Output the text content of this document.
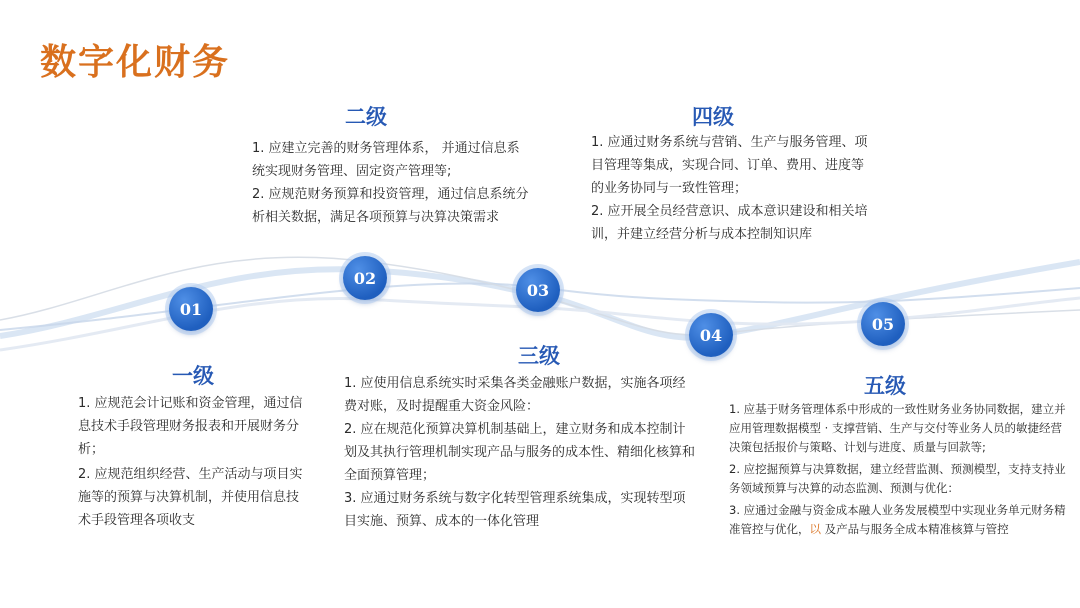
数字化财务
01
02
03
04
05
一级

1. 应规范会计记账和资金管理，通过信息技术手段管理财务报表和开展财务分析；

2. 应规范组织经营、生产活动与项目实施等的预算与决算机制，并使用信息技术手段管理各项收支

二级

1. 应建立完善的财务管理体系， 并通过信息系统实现财务管理、固定资产管理等;

2. 应规范财务预算和投资管理，通过信息系统分析相关数据，满足各项预算与决算决策需求

三级

1. 应使用信息系统实时采集各类金融账户数据，实施各项经费对账，及时提醒重大资金风险：

2. 应在规范化预算决算机制基础上，建立财务和成本控制计划及其执行管理机制实现产品与服务的成本性、精细化核算和全面预算管理；

3. 应通过财务系统与数字化转型管理系统集成，实现转型项目实施、预算、成本的一体化管理

四级

1. 应通过财务系统与营销、生产与服务管理、项目管理等集成，实现合同、订单、费用、进度等的业务协同与一致性管理；

2. 应开展全员经营意识、成本意识建设和相关培训，并建立经营分析与成本控制知识库

五级

1. 应基于财务管理体系中形成的一致性财务业务协同数据，建立并应用管理数据模型 · 支撑营销、生产与交付等业务人员的敏捷经营决策包括报价与策略、计划与进度、质量与回款等;

2. 应挖掘预算与决算数据，建立经营监测、预测模型，支持支持业务领域预算与决算的动态监测、预测与优化：

3. 应通过金融与资金成本融人业务发展模型中实现业务单元财务精准管控与优化，以 及产品与服务全成本精准核算与管控
